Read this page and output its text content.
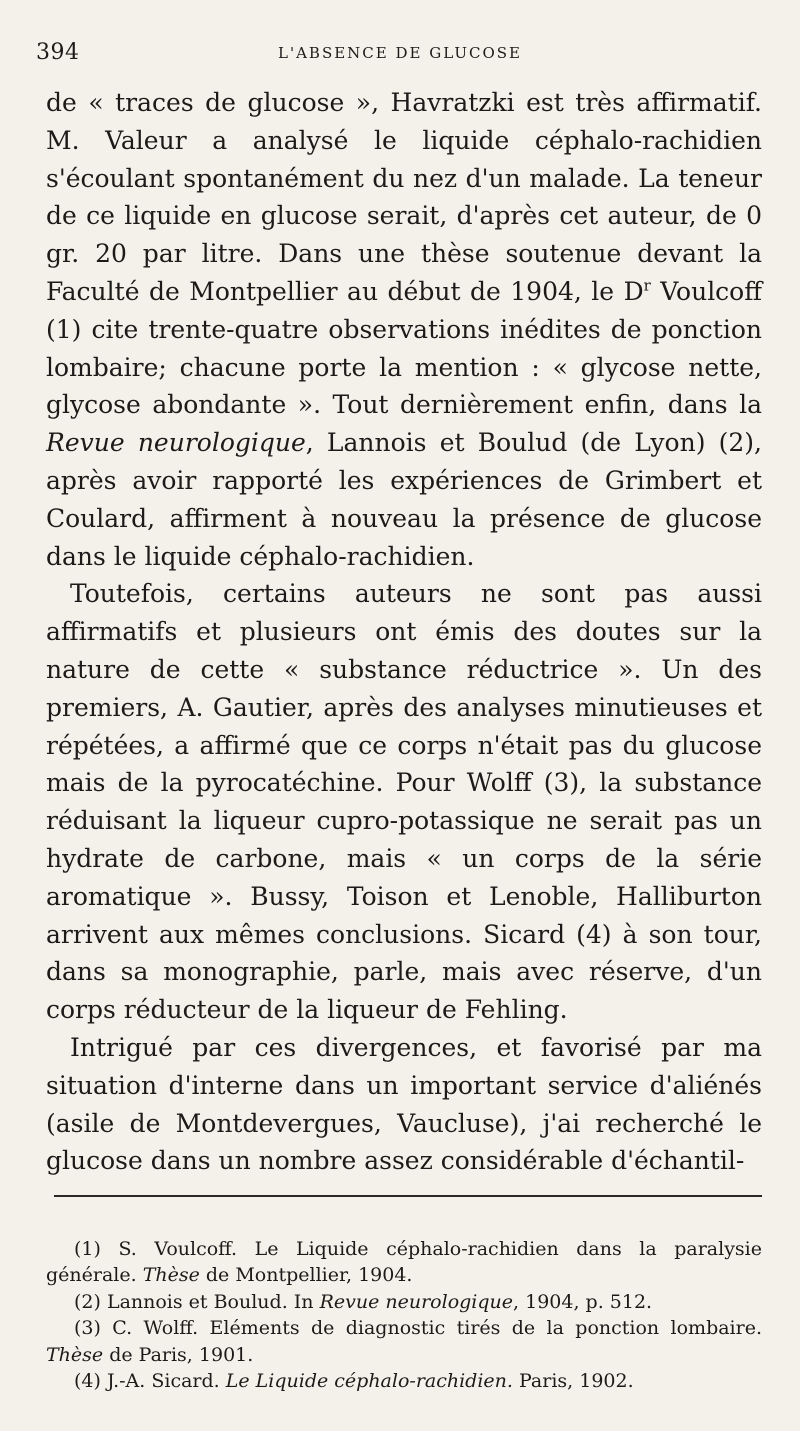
394	L'ABSENCE DE GLUCOSE

de « traces de glucose », Havratzki est très affirmatif. M. Valeur a analysé le liquide céphalo-rachidien s'écoulant spontanément du nez d'un malade. La teneur de ce liquide en glucose serait, d'après cet auteur, de 0 gr. 20 par litre. Dans une thèse soutenue devant la Faculté de Montpellier au début de 1904, le $D^r$ Voulcoff (1) cite trente-quatre observations inédites de ponction lombaire; chacune porte la mention : « glycose nette, glycose abondante ». Tout dernièrement enfin, dans la Revue neurologique, Lannois et Boulud (de Lyon) (2), après avoir rapporté les expériences de Grimbert et Coulard, affirment à nouveau la présence de glucose dans le liquide céphalo-rachidien.

Toutefois, certains auteurs ne sont pas aussi affirmatifs et plusieurs ont émis des doutes sur la nature de cette « substance réductrice ». Un des premiers, A. Gautier, après des analyses minutieuses et répétées, a affirmé que ce corps n'était pas du glucose mais de la pyrocatéchine. Pour Wolff (3), la substance réduisant la liqueur cupro-potassique ne serait pas un hydrate de carbone, mais « un corps de la série aromatique ». Bussy, Toison et Lenoble, Halliburton arrivent aux mêmes conclusions. Sicard (4) à son tour, dans sa monographie, parle, mais avec réserve, d'un corps réducteur de la liqueur de Fehling.

Intrigué par ces divergences, et favorisé par ma situation d'interne dans un important service d'aliénés (asile de Montdevergues, Vaucluse), j'ai recherché le glucose dans un nombre assez considérable d'échantil-

(1) S. Voulcoff. Le Liquide céphalo-rachidien dans la paralysie générale. Thèse de Montpellier, 1904.

(2) Lannois et Boulud. In Revue neurologique, 1904, p. 512.

(3) C. Wolff. Eléments de diagnostic tirés de la ponction lombaire. Thèse de Paris, 1901.

(4) J.-A. Sicard. Le Liquide céphalo-rachidien. Paris, 1902.
